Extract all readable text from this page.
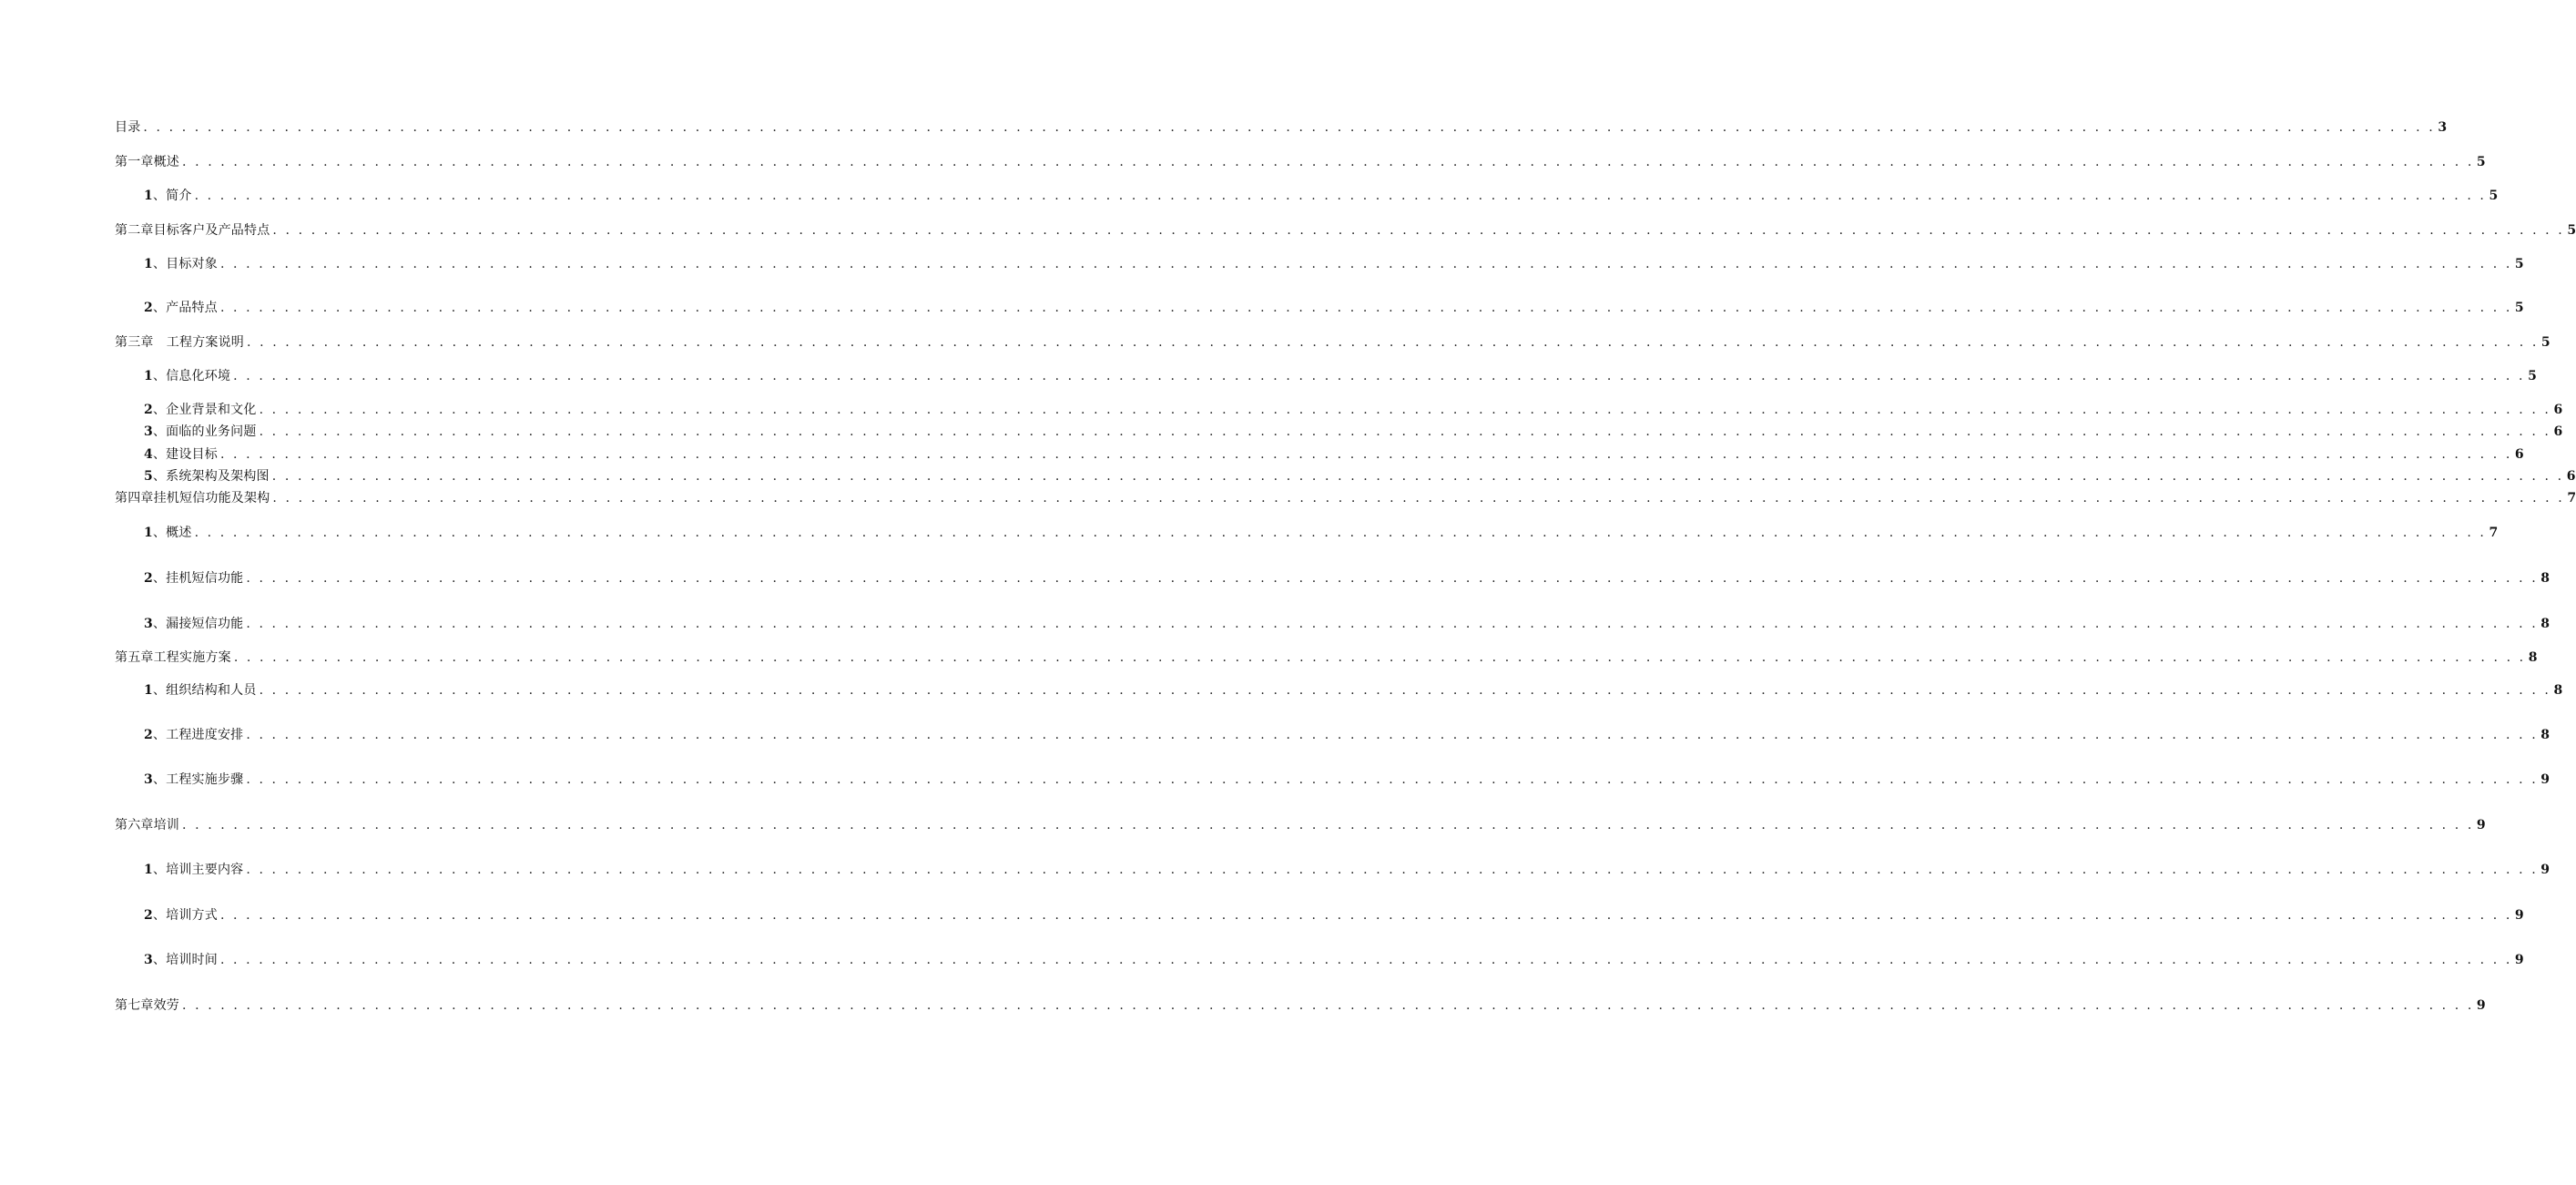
目录 . . . . . . . . . . . . . . . . . . . . . . . . . . . . . . . . . . . . . . . . . . . . . . . . . . . . . . . . . . . . . . . . . . . . . . . . . . . . . . . . . . . . . . . . . . . . . . . . . . . . . . . . . . . . . . . . . . . . . . . . . . . . . . . . . . . . . . . . . . . . . . . . . . . . . . . . . . . . . . . . . . . . . . . . . . . . . . . . . . . 3
第一章概述 . . . . . . . . . . . . . . . . . . . . . . . . . . . . . . . . . . . . . . . . . . . . . . . . . . . . . . . . . . . . . . . . . . . . . . . . . . . . . . . . . . . . . . . . . . . . . . . . . . . . . . . . . . . . . . . . . . . . . . . . . . . . . . . . . . . . . . . . . . . . . . . . . . . . . . . . . . . . . . . . . . . . . . . . . . . . . . . . . . . 5
1、简介 . . . . . . . . . . . . . . . . . . . . . . . . . . . . . . . . . . . . . . . . . . . . . . . . . . . . . . . . . . . . . . . . . . . . . . . . . . . . . . . . . . . . . . . . . . . . . . . . . . . . . . . . . . . . . . . . . . . . . . . . . . . . . . . . . . . . . . . . . . . . . . . . . . . . . . . . . . . . . . . . . . . . . . . . . . . . . . . . . . . 5
第二章目标客户及产品特点 . . . . . . . . . . . . . . . . . . . . . . . . . . . . . . . . . . . . . . . . . . . . . . . . . . . . . . . . . . . . . . . . . . . . . . . . . . . . . . . . . . . . . . . . . . . . . . . . . . . . . . . . . . . . . . . . . . . . . . . . . . . . . . . . . . . . . . . . . . . . . . . . . . . . . . . . . . . . . . . . . . . . . . . . . . . . . . . . . . . 5
1、目标对象 . . . . . . . . . . . . . . . . . . . . . . . . . . . . . . . . . . . . . . . . . . . . . . . . . . . . . . . . . . . . . . . . . . . . . . . . . . . . . . . . . . . . . . . . . . . . . . . . . . . . . . . . . . . . . . . . . . . . . . . . . . . . . . . . . . . . . . . . . . . . . . . . . . . . . . . . . . . . . . . . . . . . . . . . . . . . . . . . . . . 5
2、产品特点 . . . . . . . . . . . . . . . . . . . . . . . . . . . . . . . . . . . . . . . . . . . . . . . . . . . . . . . . . . . . . . . . . . . . . . . . . . . . . . . . . . . . . . . . . . . . . . . . . . . . . . . . . . . . . . . . . . . . . . . . . . . . . . . . . . . . . . . . . . . . . . . . . . . . . . . . . . . . . . . . . . . . . . . . . . . . . . . . . . . 5
第三章　工程方案说明 . . . . . . . . . . . . . . . . . . . . . . . . . . . . . . . . . . . . . . . . . . . . . . . . . . . . . . . . . . . . . . . . . . . . . . . . . . . . . . . . . . . . . . . . . . . . . . . . . . . . . . . . . . . . . . . . . . . . . . . . . . . . . . . . . . . . . . . . . . . . . . . . . . . . . . . . . . . . . . . . . . . . . . . . . . . . . . . . . . . 5
1、信息化环境 . . . . . . . . . . . . . . . . . . . . . . . . . . . . . . . . . . . . . . . . . . . . . . . . . . . . . . . . . . . . . . . . . . . . . . . . . . . . . . . . . . . . . . . . . . . . . . . . . . . . . . . . . . . . . . . . . . . . . . . . . . . . . . . . . . . . . . . . . . . . . . . . . . . . . . . . . . . . . . . . . . . . . . . . . . . . . . . . . . . 5
2、企业背景和文化 . . . . . . . . . . . . . . . . . . . . . . . . . . . . . . . . . . . . . . . . . . . . . . . . . . . . . . . . . . . . . . . . . . . . . . . . . . . . . . . . . . . . . . . . . . . . . . . . . . . . . . . . . . . . . . . . . . . . . . . . . . . . . . . . . . . . . . . . . . . . . . . . . . . . . . . . . . . . . . . . . . . . . . . . . . . . . . . . . . . 6
3、面临的业务问题 . . . . . . . . . . . . . . . . . . . . . . . . . . . . . . . . . . . . . . . . . . . . . . . . . . . . . . . . . . . . . . . . . . . . . . . . . . . . . . . . . . . . . . . . . . . . . . . . . . . . . . . . . . . . . . . . . . . . . . . . . . . . . . . . . . . . . . . . . . . . . . . . . . . . . . . . . . . . . . . . . . . . . . . . . . . . . . . . . . . 6
4、建设目标 . . . . . . . . . . . . . . . . . . . . . . . . . . . . . . . . . . . . . . . . . . . . . . . . . . . . . . . . . . . . . . . . . . . . . . . . . . . . . . . . . . . . . . . . . . . . . . . . . . . . . . . . . . . . . . . . . . . . . . . . . . . . . . . . . . . . . . . . . . . . . . . . . . . . . . . . . . . . . . . . . . . . . . . . . . . . . . . . . . . 6
5、系统架构及架构图 . . . . . . . . . . . . . . . . . . . . . . . . . . . . . . . . . . . . . . . . . . . . . . . . . . . . . . . . . . . . . . . . . . . . . . . . . . . . . . . . . . . . . . . . . . . . . . . . . . . . . . . . . . . . . . . . . . . . . . . . . . . . . . . . . . . . . . . . . . . . . . . . . . . . . . . . . . . . . . . . . . . . . . . . . . . . . . . . . . . 6
第四章挂机短信功能及架构 . . . . . . . . . . . . . . . . . . . . . . . . . . . . . . . . . . . . . . . . . . . . . . . . . . . . . . . . . . . . . . . . . . . . . . . . . . . . . . . . . . . . . . . . . . . . . . . . . . . . . . . . . . . . . . . . . . . . . . . . . . . . . . . . . . . . . . . . . . . . . . . . . . . . . . . . . . . . . . . . . . . . . . . . . . . . . . . . . . . 7
1、概述 . . . . . . . . . . . . . . . . . . . . . . . . . . . . . . . . . . . . . . . . . . . . . . . . . . . . . . . . . . . . . . . . . . . . . . . . . . . . . . . . . . . . . . . . . . . . . . . . . . . . . . . . . . . . . . . . . . . . . . . . . . . . . . . . . . . . . . . . . . . . . . . . . . . . . . . . . . . . . . . . . . . . . . . . . . . . . . . . . . . 7
2、挂机短信功能 . . . . . . . . . . . . . . . . . . . . . . . . . . . . . . . . . . . . . . . . . . . . . . . . . . . . . . . . . . . . . . . . . . . . . . . . . . . . . . . . . . . . . . . . . . . . . . . . . . . . . . . . . . . . . . . . . . . . . . . . . . . . . . . . . . . . . . . . . . . . . . . . . . . . . . . . . . . . . . . . . . . . . . . . . . . . . . . . . . . 8
3、漏接短信功能 . . . . . . . . . . . . . . . . . . . . . . . . . . . . . . . . . . . . . . . . . . . . . . . . . . . . . . . . . . . . . . . . . . . . . . . . . . . . . . . . . . . . . . . . . . . . . . . . . . . . . . . . . . . . . . . . . . . . . . . . . . . . . . . . . . . . . . . . . . . . . . . . . . . . . . . . . . . . . . . . . . . . . . . . . . . . . . . . . . . 8
第五章工程实施方案 . . . . . . . . . . . . . . . . . . . . . . . . . . . . . . . . . . . . . . . . . . . . . . . . . . . . . . . . . . . . . . . . . . . . . . . . . . . . . . . . . . . . . . . . . . . . . . . . . . . . . . . . . . . . . . . . . . . . . . . . . . . . . . . . . . . . . . . . . . . . . . . . . . . . . . . . . . . . . . . . . . . . . . . . . . . . . . . . . . . 8
1、组织结构和人员 . . . . . . . . . . . . . . . . . . . . . . . . . . . . . . . . . . . . . . . . . . . . . . . . . . . . . . . . . . . . . . . . . . . . . . . . . . . . . . . . . . . . . . . . . . . . . . . . . . . . . . . . . . . . . . . . . . . . . . . . . . . . . . . . . . . . . . . . . . . . . . . . . . . . . . . . . . . . . . . . . . . . . . . . . . . . . . . . . . . 8
2、工程进度安排 . . . . . . . . . . . . . . . . . . . . . . . . . . . . . . . . . . . . . . . . . . . . . . . . . . . . . . . . . . . . . . . . . . . . . . . . . . . . . . . . . . . . . . . . . . . . . . . . . . . . . . . . . . . . . . . . . . . . . . . . . . . . . . . . . . . . . . . . . . . . . . . . . . . . . . . . . . . . . . . . . . . . . . . . . . . . . . . . . . . 8
3、工程实施步骤 . . . . . . . . . . . . . . . . . . . . . . . . . . . . . . . . . . . . . . . . . . . . . . . . . . . . . . . . . . . . . . . . . . . . . . . . . . . . . . . . . . . . . . . . . . . . . . . . . . . . . . . . . . . . . . . . . . . . . . . . . . . . . . . . . . . . . . . . . . . . . . . . . . . . . . . . . . . . . . . . . . . . . . . . . . . . . . . . . . . 9
第六章培训 . . . . . . . . . . . . . . . . . . . . . . . . . . . . . . . . . . . . . . . . . . . . . . . . . . . . . . . . . . . . . . . . . . . . . . . . . . . . . . . . . . . . . . . . . . . . . . . . . . . . . . . . . . . . . . . . . . . . . . . . . . . . . . . . . . . . . . . . . . . . . . . . . . . . . . . . . . . . . . . . . . . . . . . . . . . . . . . . . . . 9
1、培训主要内容 . . . . . . . . . . . . . . . . . . . . . . . . . . . . . . . . . . . . . . . . . . . . . . . . . . . . . . . . . . . . . . . . . . . . . . . . . . . . . . . . . . . . . . . . . . . . . . . . . . . . . . . . . . . . . . . . . . . . . . . . . . . . . . . . . . . . . . . . . . . . . . . . . . . . . . . . . . . . . . . . . . . . . . . . . . . . . . . . . . . 9
2、培训方式 . . . . . . . . . . . . . . . . . . . . . . . . . . . . . . . . . . . . . . . . . . . . . . . . . . . . . . . . . . . . . . . . . . . . . . . . . . . . . . . . . . . . . . . . . . . . . . . . . . . . . . . . . . . . . . . . . . . . . . . . . . . . . . . . . . . . . . . . . . . . . . . . . . . . . . . . . . . . . . . . . . . . . . . . . . . . . . . . . . . 9
3、培训时间 . . . . . . . . . . . . . . . . . . . . . . . . . . . . . . . . . . . . . . . . . . . . . . . . . . . . . . . . . . . . . . . . . . . . . . . . . . . . . . . . . . . . . . . . . . . . . . . . . . . . . . . . . . . . . . . . . . . . . . . . . . . . . . . . . . . . . . . . . . . . . . . . . . . . . . . . . . . . . . . . . . . . . . . . . . . . . . . . . . . 9
第七章效劳 . . . . . . . . . . . . . . . . . . . . . . . . . . . . . . . . . . . . . . . . . . . . . . . . . . . . . . . . . . . . . . . . . . . . . . . . . . . . . . . . . . . . . . . . . . . . . . . . . . . . . . . . . . . . . . . . . . . . . . . . . . . . . . . . . . . . . . . . . . . . . . . . . . . . . . . . . . . . . . . . . . . . . . . . . . . . . . . . . . . 9
